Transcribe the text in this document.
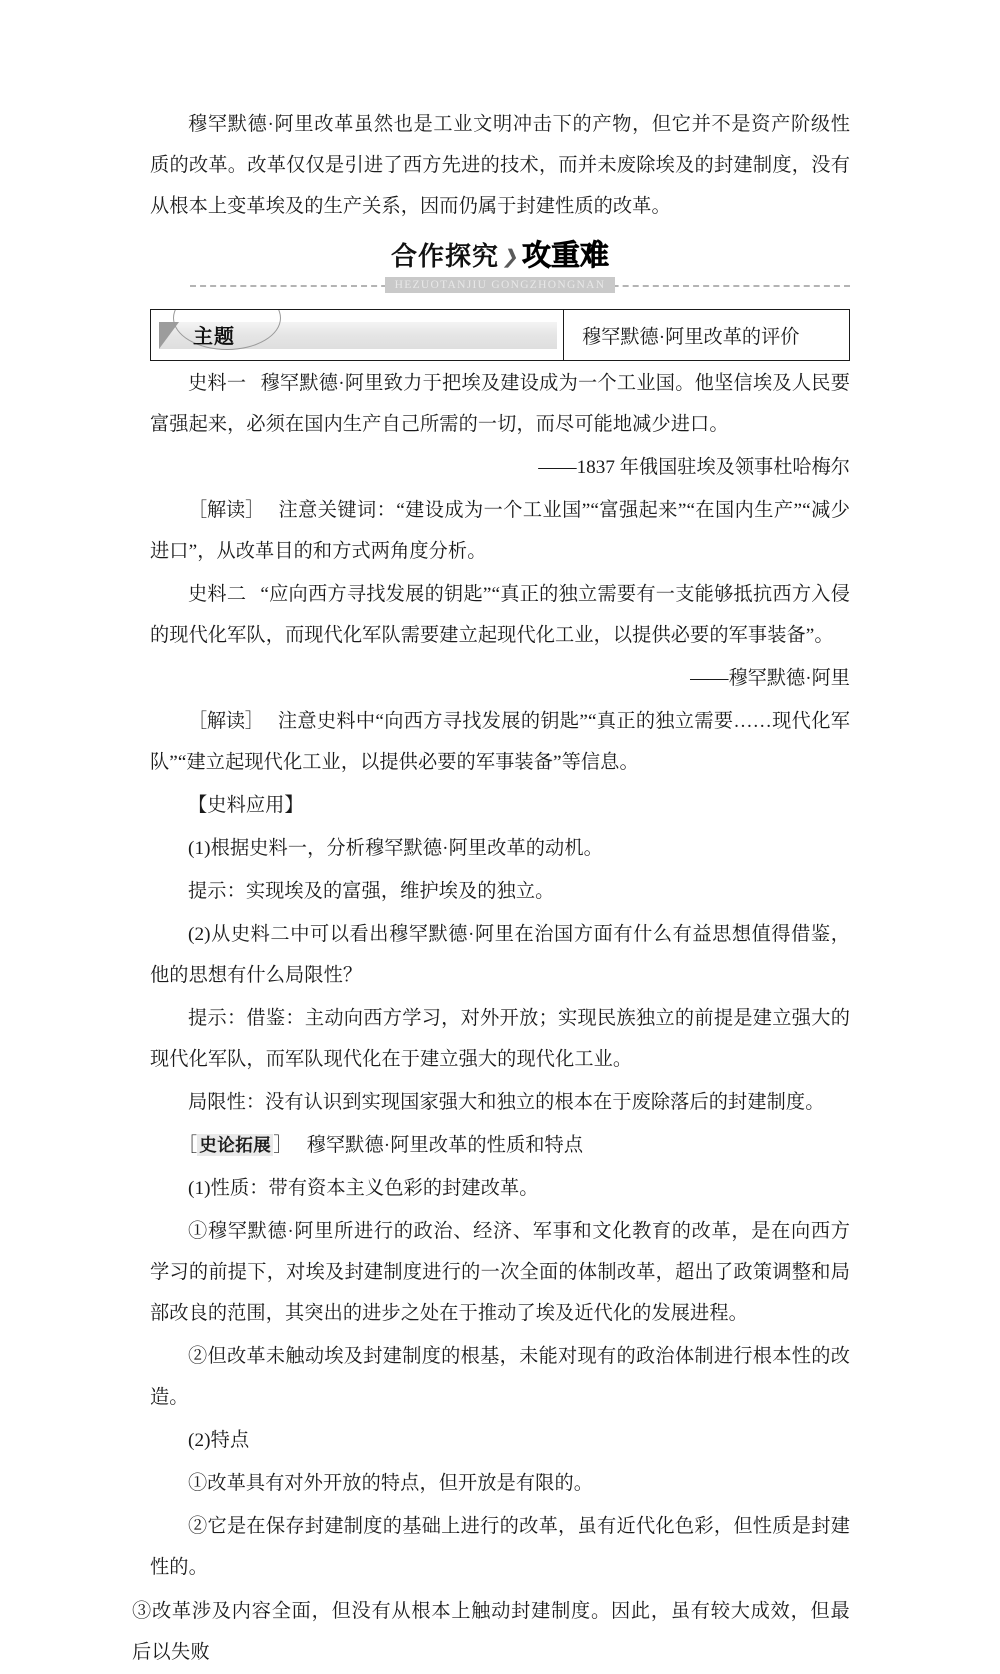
穆罕默德·阿里改革虽然也是工业文明冲击下的产物，但它并不是资产阶级性质的改革。改革仅仅是引进了西方先进的技术，而并未废除埃及的封建制度，没有从根本上变革埃及的生产关系，因而仍属于封建性质的改革。

HEZUOTANJIU GONGZHONGNAN
合作探究❯攻重难
主题	穆罕默德·阿里改革的评价

史料一 穆罕默德·阿里致力于把埃及建设成为一个工业国。他坚信埃及人民要富强起来，必须在国内生产自己所需的一切，而尽可能地减少进口。

——1837 年俄国驻埃及领事杜哈梅尔

［解读］ 注意关键词：“建设成为一个工业国”“富强起来”“在国内生产”“减少进口”，从改革目的和方式两角度分析。

史料二 “应向西方寻找发展的钥匙”“真正的独立需要有一支能够抵抗西方入侵的现代化军队，而现代化军队需要建立起现代化工业，以提供必要的军事装备”。

——穆罕默德·阿里

［解读］ 注意史料中“向西方寻找发展的钥匙”“真正的独立需要……现代化军队”“建立起现代化工业，以提供必要的军事装备”等信息。

【史料应用】

(1)根据史料一，分析穆罕默德·阿里改革的动机。

提示：实现埃及的富强，维护埃及的独立。

(2)从史料二中可以看出穆罕默德·阿里在治国方面有什么有益思想值得借鉴，他的思想有什么局限性？

提示：借鉴：主动向西方学习，对外开放；实现民族独立的前提是建立强大的现代化军队，而军队现代化在于建立强大的现代化工业。

局限性：没有认识到实现国家强大和独立的根本在于废除落后的封建制度。

［ 史论拓展 ］ 穆罕默德·阿里改革的性质和特点

(1)性质：带有资本主义色彩的封建改革。

①穆罕默德·阿里所进行的政治、经济、军事和文化教育的改革，是在向西方学习的前提下，对埃及封建制度进行的一次全面的体制改革，超出了政策调整和局部改良的范围，其突出的进步之处在于推动了埃及近代化的发展进程。

②但改革未触动埃及封建制度的根基，未能对现有的政治体制进行根本性的改造。

(2)特点

①改革具有对外开放的特点，但开放是有限的。

②它是在保存封建制度的基础上进行的改革，虽有近代化色彩，但性质是封建性的。

③改革涉及内容全面，但没有从根本上触动封建制度。因此，虽有较大成效，但最后以失败
